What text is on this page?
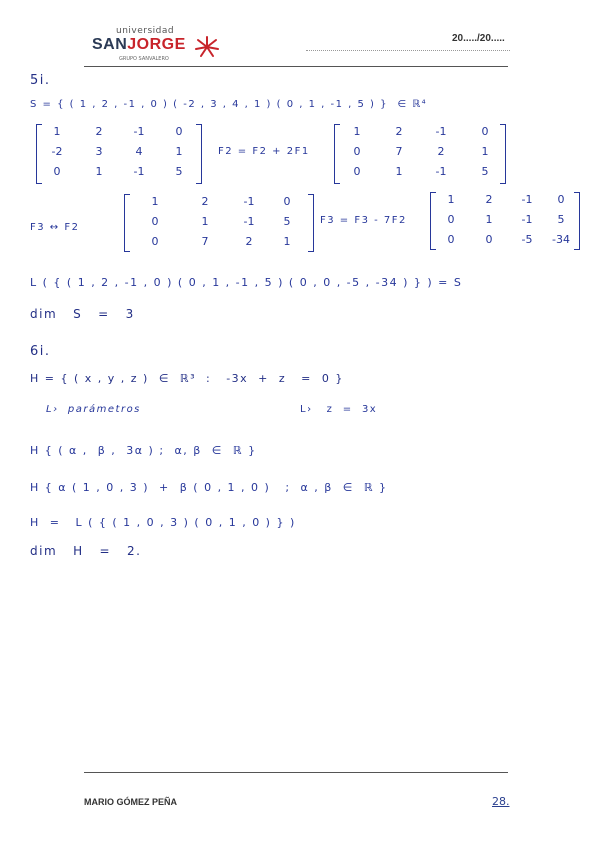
universidad
SANJORGE
GRUPO SANVALERO
20...../20.....
5i.
S = { ( 1 , 2 , -1 , 0 ) ( -2 , 3 , 4 , 1 ) ( 0 , 1 , -1 , 5 ) }  ∈ ℝ⁴
1	2	-1	0
-2	3	4	1
0	1	-1	5
F2 = F2 + 2F1
1	2	-1	0
0	7	2	1
0	1	-1	5
F3 ↔ F2
1	2	-1	0
0	1	-1	5
0	7	2	1
F3 = F3 - 7F2
1	2	-1	0
0	1	-1	5
0	0	-5	-34
L ( { ( 1 , 2 , -1 , 0 ) ( 0 , 1 , -1 , 5 ) ( 0 , 0 , -5 , -34 ) } ) = S
dim   S   =   3
6i.
H = { ( x , y , z )  ∈  ℝ³  :   -3x  +  z   =  0 }
L›  parámetros	L›   z  =  3x
H { ( α ,  β ,  3α ) ;  α, β  ∈  ℝ }
H { α ( 1 , 0 , 3 )  +  β ( 0 , 1 , 0 )   ;  α , β  ∈  ℝ }
H  =   L ( { ( 1 , 0 , 3 ) ( 0 , 1 , 0 ) } )
dim   H   =   2.
MARIO GÓMEZ PEÑA	28.
